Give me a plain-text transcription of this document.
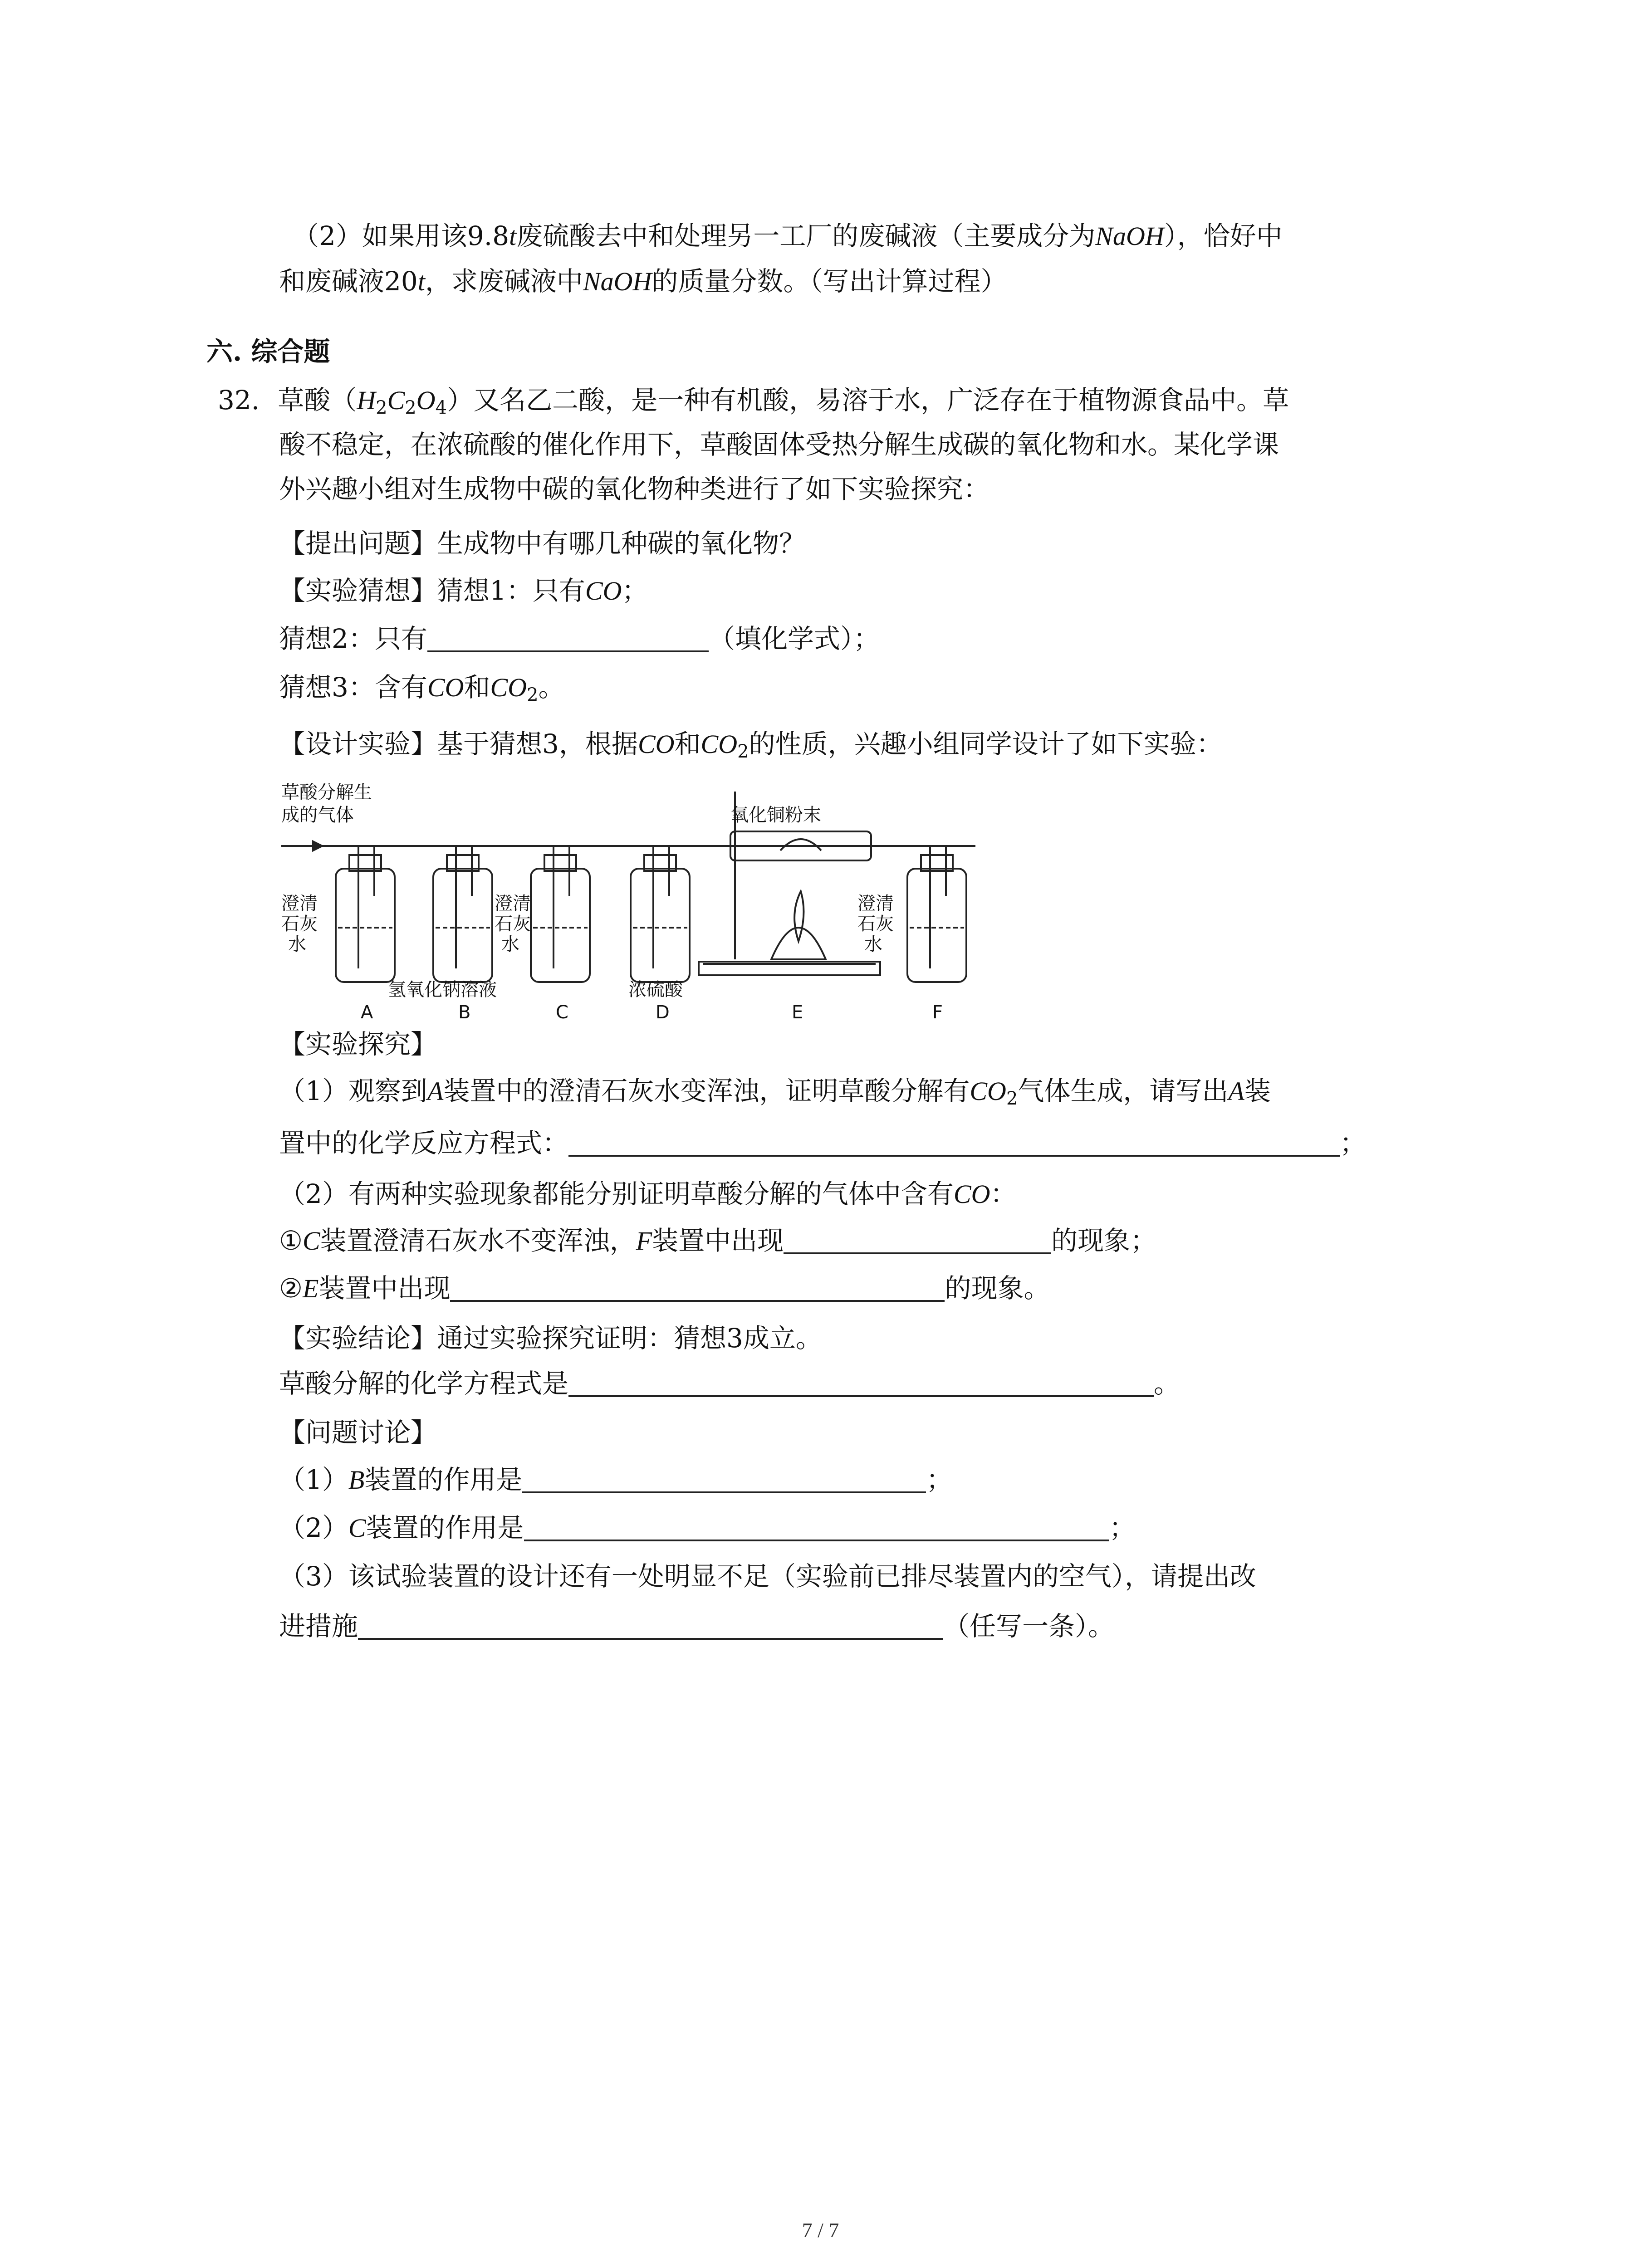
（2）如果用该9.8t废硫酸去中和处理另一工厂的废碱液（主要成分为NaOH），恰好中
和废碱液20t，求废碱液中NaOH的质量分数。（写出计算过程）
六. 综合题
32. 草酸$(H_2C_2O_4)$又名乙二酸，是一种有机酸，易溶于水，广泛存在于植物源食品中。草
酸不稳定，在浓硫酸的催化作用下，草酸固体受热分解生成碳的氧化物和水。某化学课
外兴趣小组对生成物中碳的氧化物种类进行了如下实验探究：
【提出问题】生成物中有哪几种碳的氧化物？
【实验猜想】猜想1：只有CO；
猜想2：只有	（填化学式）；
猜想3：含有CO和$CO_2$。
【设计实验】基于猜想3，根据CO和$CO_2$的性质，兴趣小组同学设计了如下实验：
草酸分解生
成的气体	氧化铜粉末
澄清
石灰
水
澄清
石灰
水
澄清
石灰
水
氢氧化钠溶液	浓硫酸
A	B	C	D	E	F
【实验探究】
（1）观察到A装置中的澄清石灰水变浑浊，证明草酸分解有$CO_2$气体生成，请写出A装
置中的化学反应方程式：	；
（2）有两种实验现象都能分别证明草酸分解的气体中含有CO：
①C装置澄清石灰水不变浑浊，F装置中出现	的现象；
②E装置中出现	的现象。
【实验结论】通过实验探究证明：猜想3成立。
草酸分解的化学方程式是	。
【问题讨论】
（1）B装置的作用是	；
（2）C装置的作用是	；
（3）该试验装置的设计还有一处明显不足（实验前已排尽装置内的空气），请提出改
进措施	（任写一条）。
7 / 7
